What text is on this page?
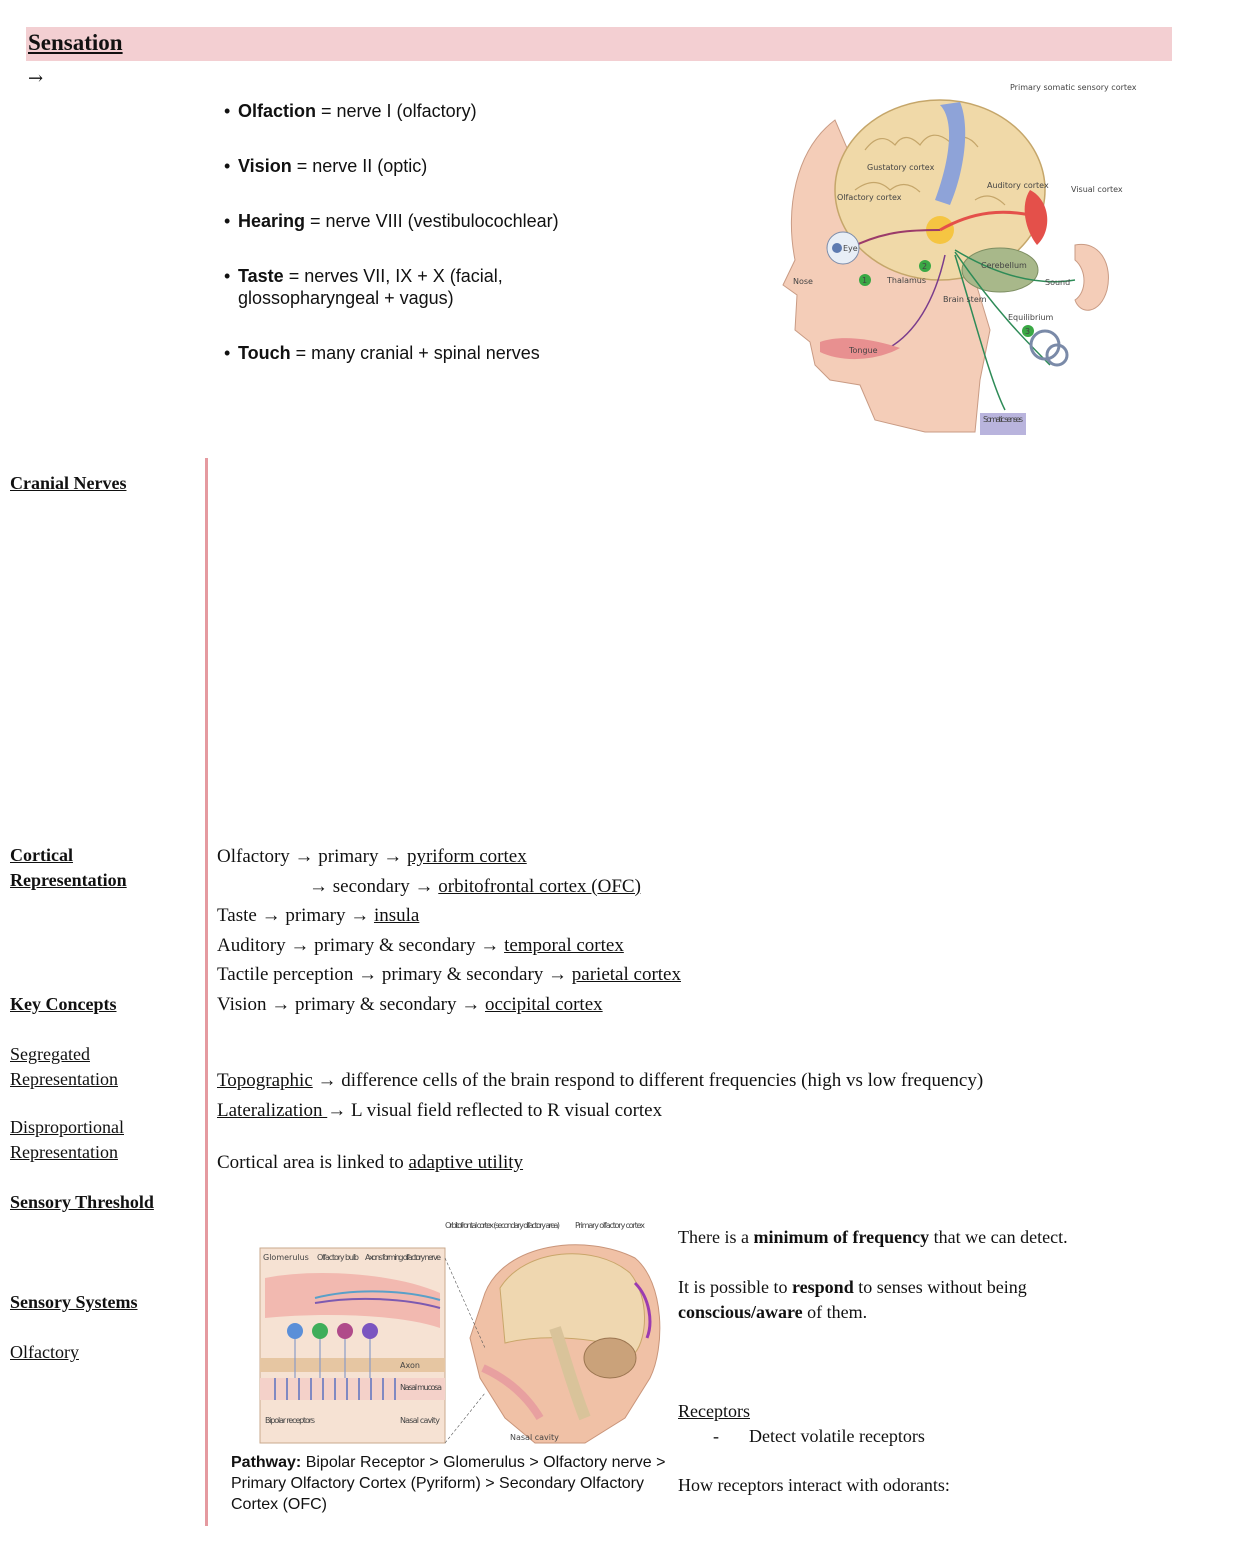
Sensation
→
• Olfaction = nerve I (olfactory)
• Vision = nerve II (optic)
• Hearing = nerve VIII (vestibulocochlear)
• Taste = nerves VII, IX + X (facial, glossopharyngeal + vagus)
• Touch = many cranial + spinal nerves
1
2
3
Primary somatic sensory cortex
Gustatory cortex
Olfactory cortex
Auditory cortex	Visual cortex
Eye
Nose	Thalamus
Cerebellum
Sound
Brain stem
Equilibrium
Tongue
Somatic senses
Cranial Nerves
Cortical
Representation
Key Concepts
Segregated
Representation
Disproportional
Representation
Sensory Threshold
Sensory Systems
Olfactory
Olfactory → primary → pyriform cortex
→ secondary → orbitofrontal cortex (OFC)
Taste → primary → insula
Auditory → primary & secondary → temporal cortex
Tactile perception → primary & secondary → parietal cortex
Vision → primary & secondary → occipital cortex
Topographic → difference cells of the brain respond to different frequencies (high vs low frequency)
Lateralization → L visual field reflected to R visual cortex
Cortical area is linked to adaptive utility
Orbitofrontal cortex (secondary olfactory area) Primary olfactory cortex
Glomerulus Olfactory bulb Axons forming olfactory nerve
Axon
Nasal mucosa
Bipolar receptors	Nasal cavity
Nasal cavity
Pathway: Bipolar Receptor > Glomerulus > Olfactory nerve > Primary Olfactory Cortex (Pyriform) > Secondary Olfactory Cortex (OFC)
There is a minimum of frequency that we can detect.
It is possible to respond to senses without being conscious/aware of them.
Receptors
-	Detect volatile receptors
How receptors interact with odorants:
